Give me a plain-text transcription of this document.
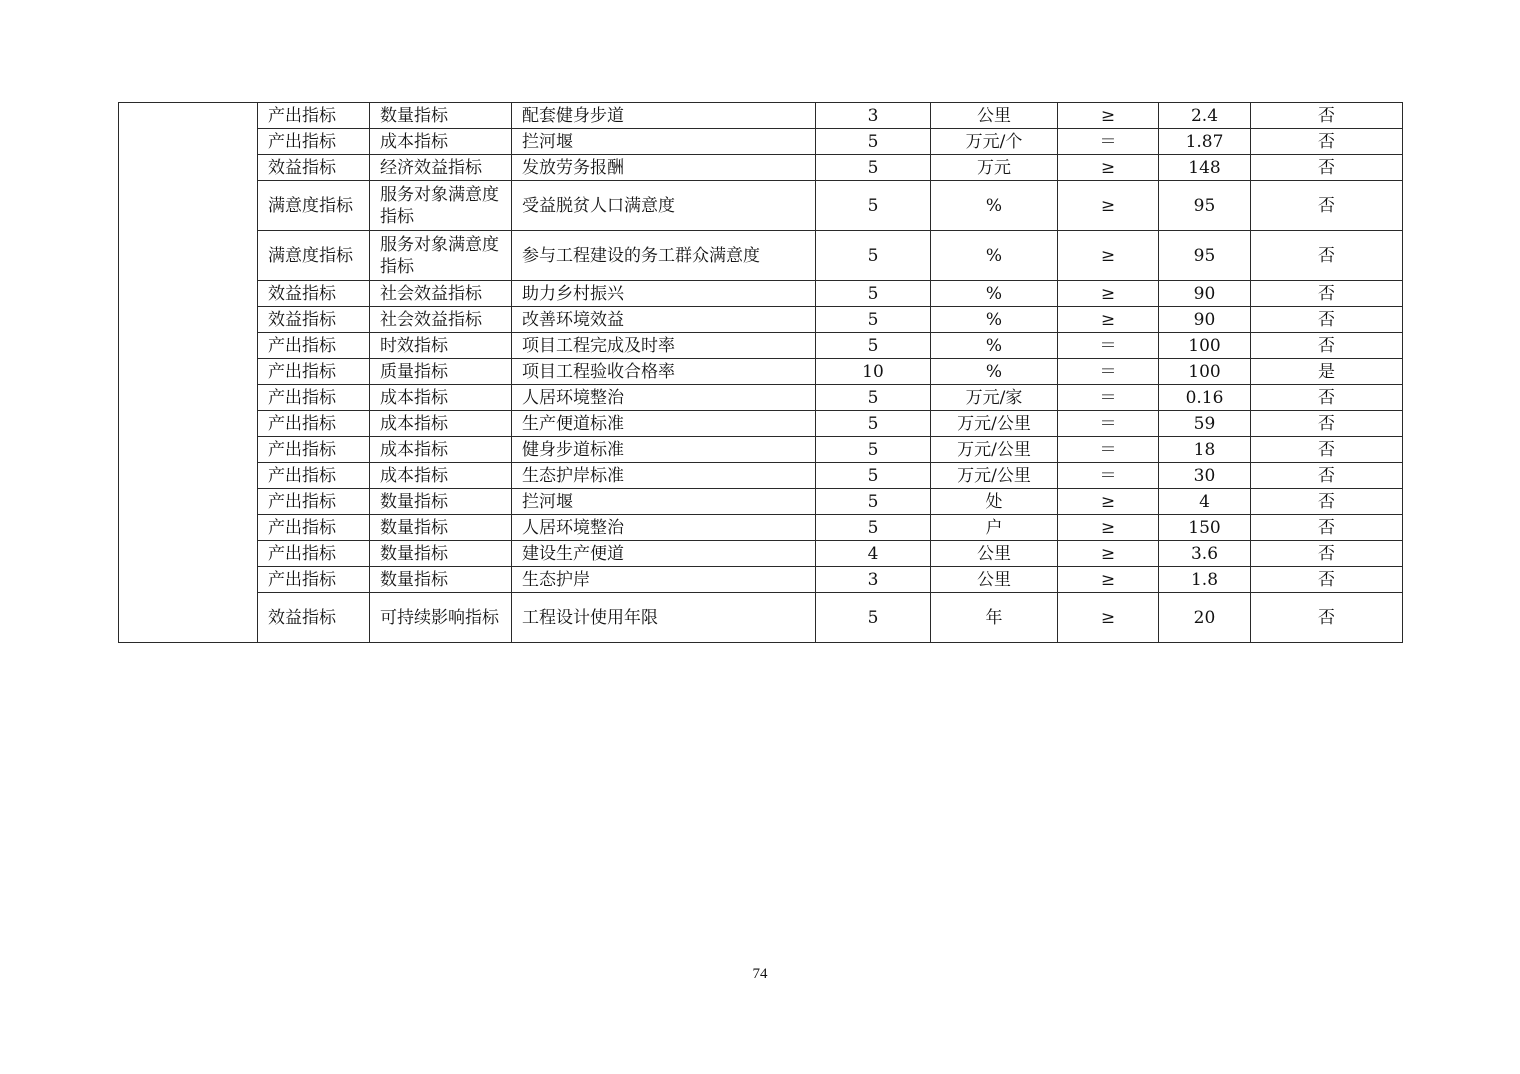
	产出指标	数量指标	配套健身步道	3	公里	≥	2.4	否
	产出指标	成本指标	拦河堰	5	万元/个	＝	1.87	否
	效益指标	经济效益指标	发放劳务报酬	5	万元	≥	148	否
	满意度指标	服务对象满意度指标	受益脱贫人口满意度	5	%	≥	95	否
	满意度指标	服务对象满意度指标	参与工程建设的务工群众满意度	5	%	≥	95	否
	效益指标	社会效益指标	助力乡村振兴	5	%	≥	90	否
	效益指标	社会效益指标	改善环境效益	5	%	≥	90	否
	产出指标	时效指标	项目工程完成及时率	5	%	＝	100	否
	产出指标	质量指标	项目工程验收合格率	10	%	＝	100	是
	产出指标	成本指标	人居环境整治	5	万元/家	＝	0.16	否
	产出指标	成本指标	生产便道标准	5	万元/公里	＝	59	否
	产出指标	成本指标	健身步道标准	5	万元/公里	＝	18	否
	产出指标	成本指标	生态护岸标准	5	万元/公里	＝	30	否
	产出指标	数量指标	拦河堰	5	处	≥	4	否
	产出指标	数量指标	人居环境整治	5	户	≥	150	否
	产出指标	数量指标	建设生产便道	4	公里	≥	3.6	否
	产出指标	数量指标	生态护岸	3	公里	≥	1.8	否
	效益指标	可持续影响指标	工程设计使用年限	5	年	≥	20	否
74
